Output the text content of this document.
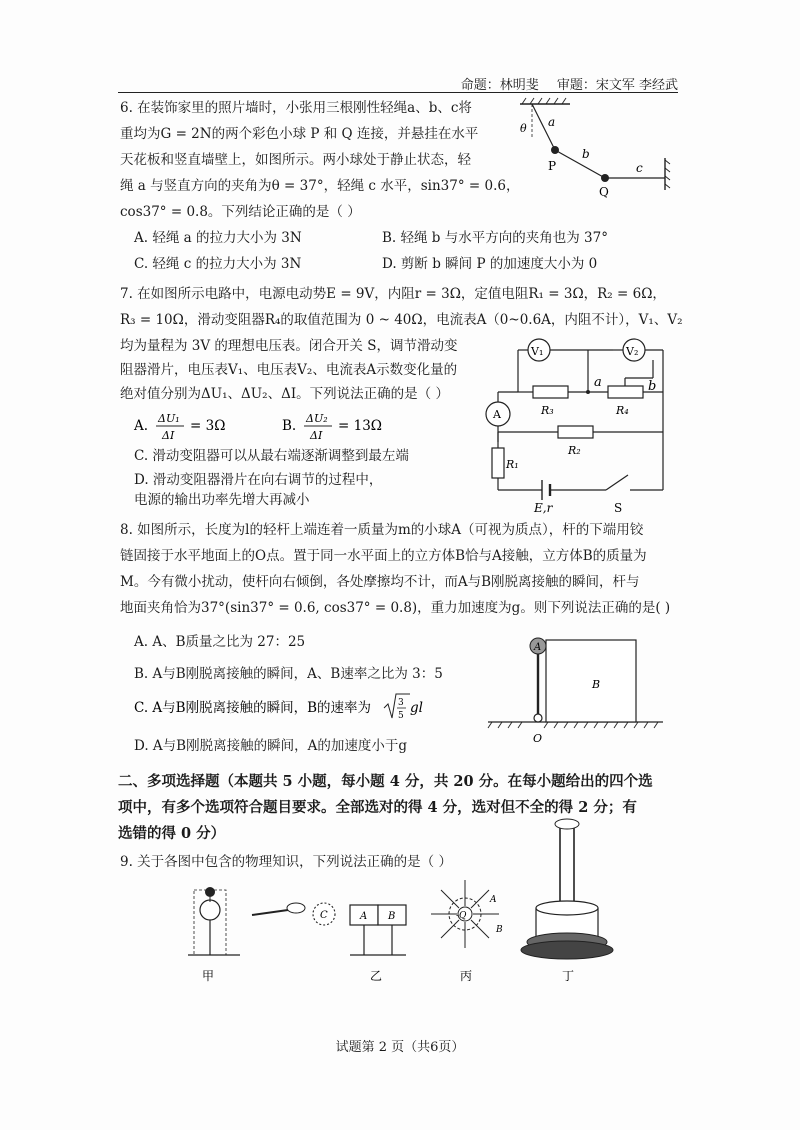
命题：林明斐 审题：宋文军 李经武
6. 在装饰家里的照片墙时，小张用三根刚性轻绳a、b、c将
重均为G = 2N的两个彩色小球 P 和 Q 连接，并悬挂在水平
天花板和竖直墙壁上，如图所示。两小球处于静止状态，轻
绳 a 与竖直方向的夹角为θ = 37°，轻绳 c 水平，sin37° = 0.6，
cos37° = 0.8。下列结论正确的是（ ）
A. 轻绳 a 的拉力大小为 3N	B. 轻绳 b 与水平方向的夹角也为 37°
C. 轻绳 c 的拉力大小为 3N	D. 剪断 b 瞬间 P 的加速度大小为 0
θ a
P
b
Q
c
7. 在如图所示电路中，电源电动势E = 9V，内阻r = 3Ω，定值电阻R₁ = 3Ω，R₂ = 6Ω，
R₃ = 10Ω，滑动变阻器R₄的取值范围为 0 ~ 40Ω，电流表A（0~0.6A，内阻不计），V₁、V₂
均为量程为 3V 的理想电压表。闭合开关 S，调节滑动变
阻器滑片，电压表V₁、电压表V₂、电流表A示数变化量的
绝对值分别为ΔU₁、ΔU₂、ΔI。下列说法正确的是（ ）
A. ΔU₁
ΔI
= 3Ω	B. ΔU₂
ΔI
= 13Ω
C. 滑动变阻器可以从最右端逐渐调整到最左端
D. 滑动变阻器滑片在向右调节的过程中，
电源的输出功率先增大再减小
V₁	V₂
A	R₃	R₄
a	b
R₂
R₁
E,r	S
8. 如图所示，长度为l的轻杆上端连着一质量为m的小球A（可视为质点），杆的下端用铰
链固接于水平地面上的O点。置于同一水平面上的立方体B恰与A接触，立方体B的质量为
M。今有微小扰动，使杆向右倾倒，各处摩擦均不计，而A与B刚脱离接触的瞬间，杆与
地面夹角恰为37°(sin37° = 0.6, cos37° = 0.8)，重力加速度为g。则下列说法正确的是( )
A. A、B质量之比为 27：25
B. A与B刚脱离接触的瞬间，A、B速率之比为 3：5
C. A与B刚脱离接触的瞬间，B的速率为	3
5 gl
D. A与B刚脱离接触的瞬间，A的加速度小于g
A
B
O
二、多项选择题（本题共 5 小题，每小题 4 分，共 20 分。在每小题给出的四个选
项中，有多个选项符合题目要求。全部选对的得 4 分，选对但不全的得 2 分；有
选错的得 0 分）
9. 关于各图中包含的物理知识，下列说法正确的是（ ）
甲
C	A B
乙
-Q
A
B
丙	丁
试题第 2 页（共6页）
